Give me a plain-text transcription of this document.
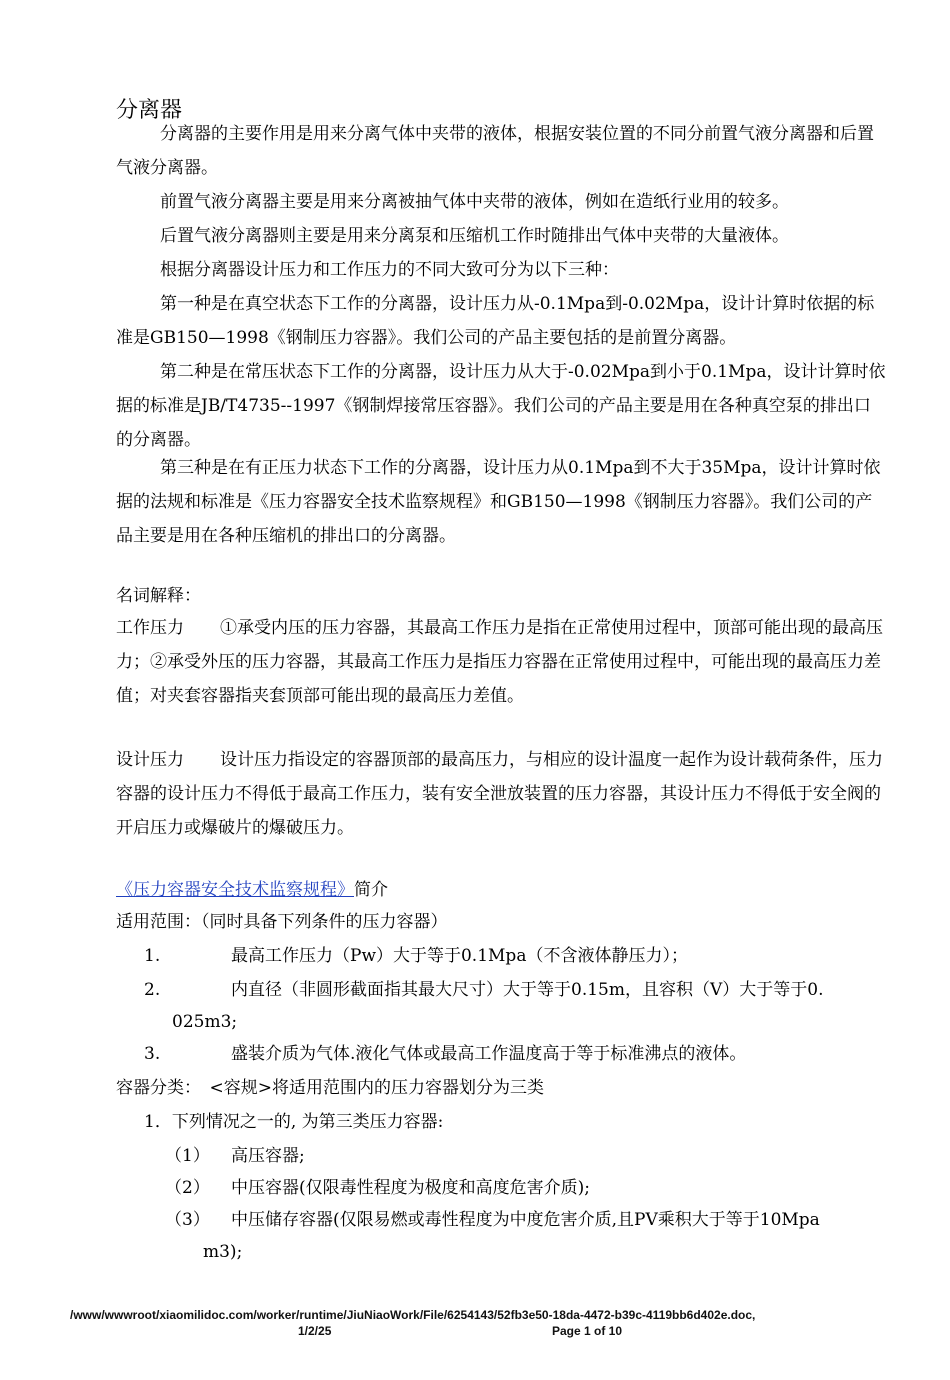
分离器
分离器的主要作用是用来分离气体中夹带的液体，根据安装位置的不同分前置气液分离器和后置气液分离器。
前置气液分离器主要是用来分离被抽气体中夹带的液体，例如在造纸行业用的较多。
后置气液分离器则主要是用来分离泵和压缩机工作时随排出气体中夹带的大量液体。
根据分离器设计压力和工作压力的不同大致可分为以下三种：
第一种是在真空状态下工作的分离器，设计压力从-0.1Mpa到-0.02Mpa，设计计算时依据的标准是GB150—1998《钢制压力容器》。我们公司的产品主要包括的是前置分离器。
第二种是在常压状态下工作的分离器，设计压力从大于-0.02Mpa到小于0.1Mpa，设计计算时依据的标准是JB/T4735--1997《钢制焊接常压容器》。我们公司的产品主要是用在各种真空泵的排出口的分离器。
第三种是在有正压力状态下工作的分离器，设计压力从0.1Mpa到不大于35Mpa，设计计算时依据的法规和标准是《压力容器安全技术监察规程》和GB150—1998《钢制压力容器》。我们公司的产品主要是用在各种压缩机的排出口的分离器。
名词解释：
工作压力 ①承受内压的压力容器，其最高工作压力是指在正常使用过程中，顶部可能出现的最高压力；②承受外压的压力容器，其最高工作压力是指压力容器在正常使用过程中，可能出现的最高压力差值；对夹套容器指夹套顶部可能出现的最高压力差值。
设计压力 设计压力指设定的容器顶部的最高压力，与相应的设计温度一起作为设计载荷条件，压力容器的设计压力不得低于最高工作压力，装有安全泄放装置的压力容器，其设计压力不得低于安全阀的开启压力或爆破片的爆破压力。
《压力容器安全技术监察规程》简介
适用范围：（同时具备下列条件的压力容器）
1.	最高工作压力（Pw）大于等于0.1Mpa（不含液体静压力）；
2.	内直径（非圆形截面指其最大尺寸）大于等于0.15m，且容积（V）大于等于0.
025m3;
3.	盛装介质为气体.液化气体或最高工作温度高于等于标准沸点的液体。
容器分类：　<容规>将适用范围内的压力容器划分为三类
1．下列情况之一的, 为第三类压力容器:
（1） 高压容器;
（2） 中压容器(仅限毒性程度为极度和高度危害介质);
（3） 中压储存容器(仅限易燃或毒性程度为中度危害介质,且PV乘积大于等于10Mpa
m3);
/www/wwwroot/xiaomilidoc.com/worker/runtime/JiuNiaoWork/File/6254143/52fb3e50-18da-4472-b39c-4119bb6d402e.doc,
1/2/25	Page 1 of 10
